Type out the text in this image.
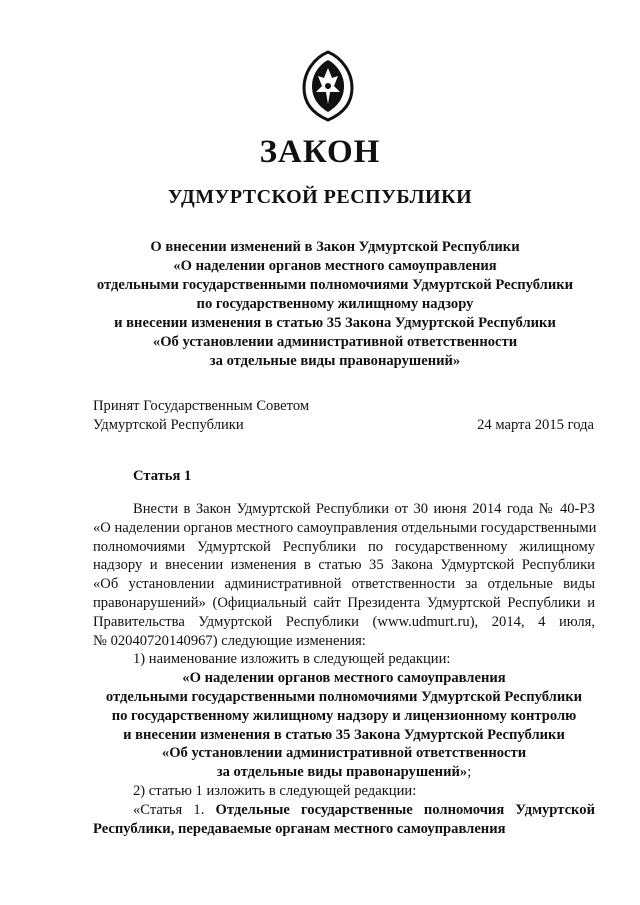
ЗАКОН
УДМУРТСКОЙ РЕСПУБЛИКИ
О внесении изменений в Закон Удмуртской Республики
«О наделении органов местного самоуправления
отдельными государственными полномочиями Удмуртской Республики
по государственному жилищному надзору
и внесении изменения в статью 35 Закона Удмуртской Республики
«Об установлении административной ответственности
за отдельные виды правонарушений»
Принят Государственным Советом
Удмуртской Республики	24 марта 2015 года
Статья 1
Внести в Закон Удмуртской Республики от 30 июня 2014 года № 40-РЗ
«О наделении органов местного самоуправления отдельными государственными
полномочиями Удмуртской Республики по государственному жилищному
надзору и внесении изменения в статью 35 Закона Удмуртской Республики
«Об установлении административной ответственности за отдельные виды
правонарушений» (Официальный сайт Президента Удмуртской Республики и
Правительства Удмуртской Республики (www.udmurt.ru), 2014, 4 июля,
№ 02040720140967) следующие изменения:
1) наименование изложить в следующей редакции:
«О наделении органов местного самоуправления
отдельными государственными полномочиями Удмуртской Республики
по государственному жилищному надзору и лицензионному контролю
и внесении изменения в статью 35 Закона Удмуртской Республики
«Об установлении административной ответственности
за отдельные виды правонарушений»;
2) статью 1 изложить в следующей редакции:
«Статья 1. Отдельные государственные полномочия Удмуртской
Республики, передаваемые органам местного самоуправления
